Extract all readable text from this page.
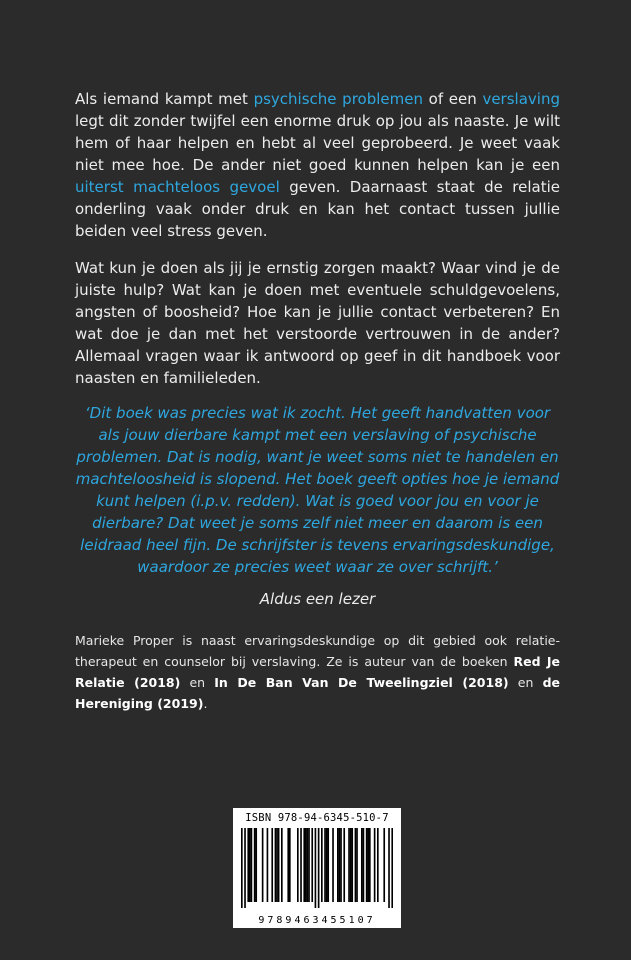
Als iemand kampt met psychische problemen of een verslaving legt dit zonder twijfel een enorme druk op jou als naaste. Je wilt hem of haar helpen en hebt al veel geprobeerd. Je weet vaak niet mee hoe. De ander niet goed kunnen helpen kan je een uiterst machteloos gevoel geven. Daarnaast staat de relatie onderling vaak onder druk en kan het contact tussen jullie beiden veel stress geven.

Wat kun je doen als jij je ernstig zorgen maakt? Waar vind je de juiste hulp? Wat kan je doen met eventuele schuldgevoelens, angsten of boosheid? Hoe kan je jullie contact verbeteren? En wat doe je dan met het verstoorde vertrouwen in de ander? Allemaal vragen waar ik antwoord op geef in dit handboek voor naasten en familieleden.

‘Dit boek was precies wat ik zocht. Het geeft handvatten voor als jouw dierbare kampt met een verslaving of psychische problemen. Dat is nodig, want je weet soms niet te handelen en machteloosheid is slopend. Het boek geeft opties hoe je iemand kunt helpen (i.p.v. redden). Wat is goed voor jou en voor je dierbare? Dat weet je soms zelf niet meer en daarom is een leidraad heel fijn. De schrijfster is tevens ervaringsdeskundige, waardoor ze precies weet waar ze over schrijft.’

Aldus een lezer

Marieke Proper is naast ervaringsdeskundige op dit gebied ook relatie-therapeut en counselor bij verslaving. Ze is auteur van de boeken Red Je Relatie (2018) en In De Ban Van De Tweelingziel (2018) en de Hereniging (2019).

ISBN 978-94-6345-510-7
9789463455107
